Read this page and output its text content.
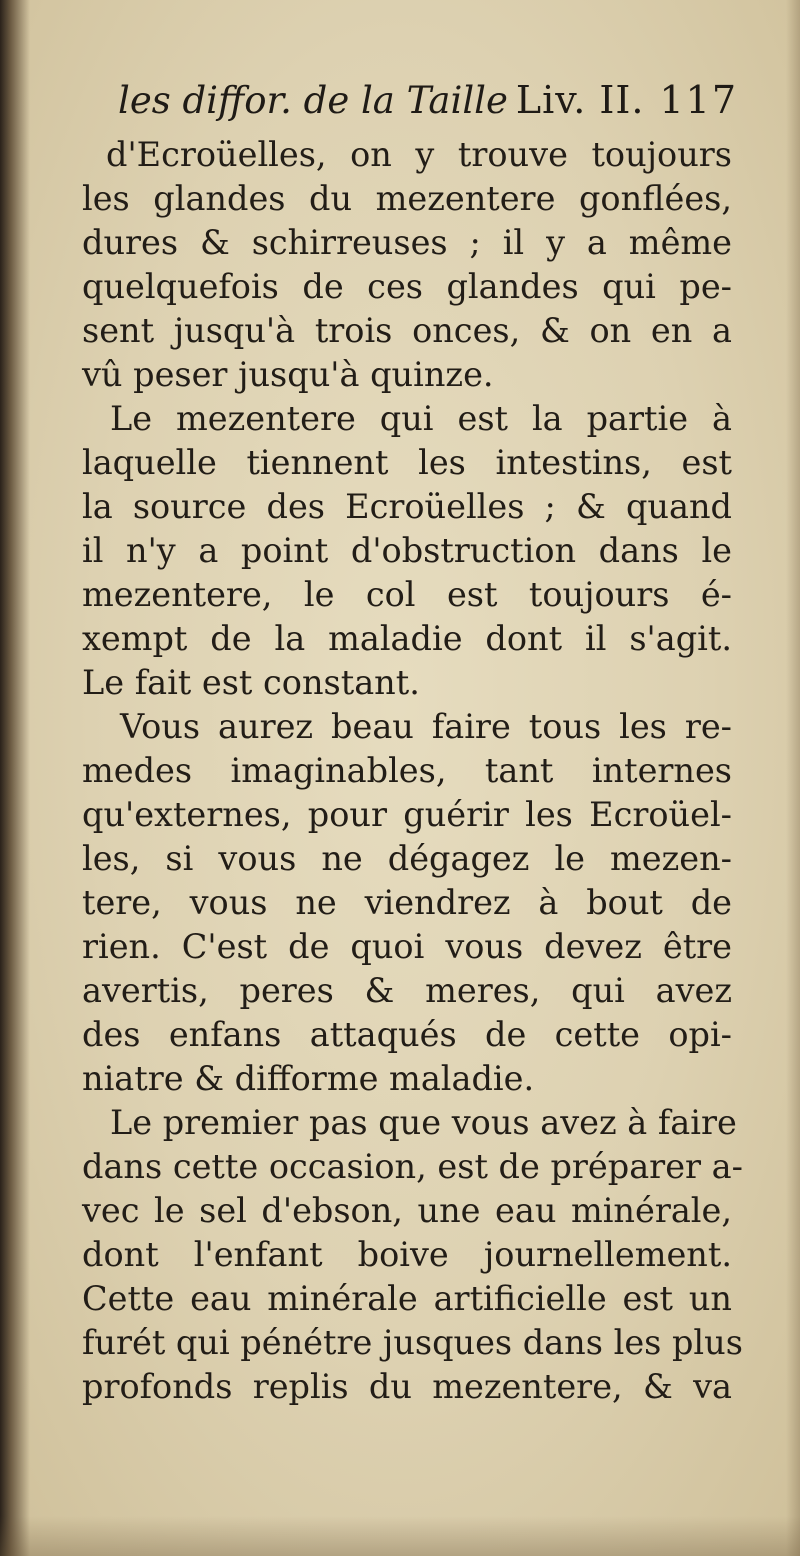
les diffor. de la Taille Liv. II. 117
d'Ecroüelles, on y trouve toujours
les glandes du mezentere gonflées,
dures & schirreuses ; il y a même
quelquefois de ces glandes qui pe-
sent jusqu'à trois onces, & on en a
vû peser jusqu'à quinze.
Le mezentere qui est la partie à
laquelle tiennent les intestins, est
la source des Ecroüelles ; & quand
il n'y a point d'obstruction dans le
mezentere, le col est toujours é-
xempt de la maladie dont il s'agit.
Le fait est constant.
Vous aurez beau faire tous les re-
medes imaginables, tant internes
qu'externes, pour guérir les Ecroüel-
les, si vous ne dégagez le mezen-
tere, vous ne viendrez à bout de
rien. C'est de quoi vous devez être
avertis, peres & meres, qui avez
des enfans attaqués de cette opi-
niatre & difforme maladie.
Le premier pas que vous avez à faire
dans cette occasion, est de préparer a-
vec le sel d'ebson, une eau minérale,
dont l'enfant boive journellement.
Cette eau minérale artificielle est un
furét qui pénétre jusques dans les plus
profonds replis du mezentere, & va
